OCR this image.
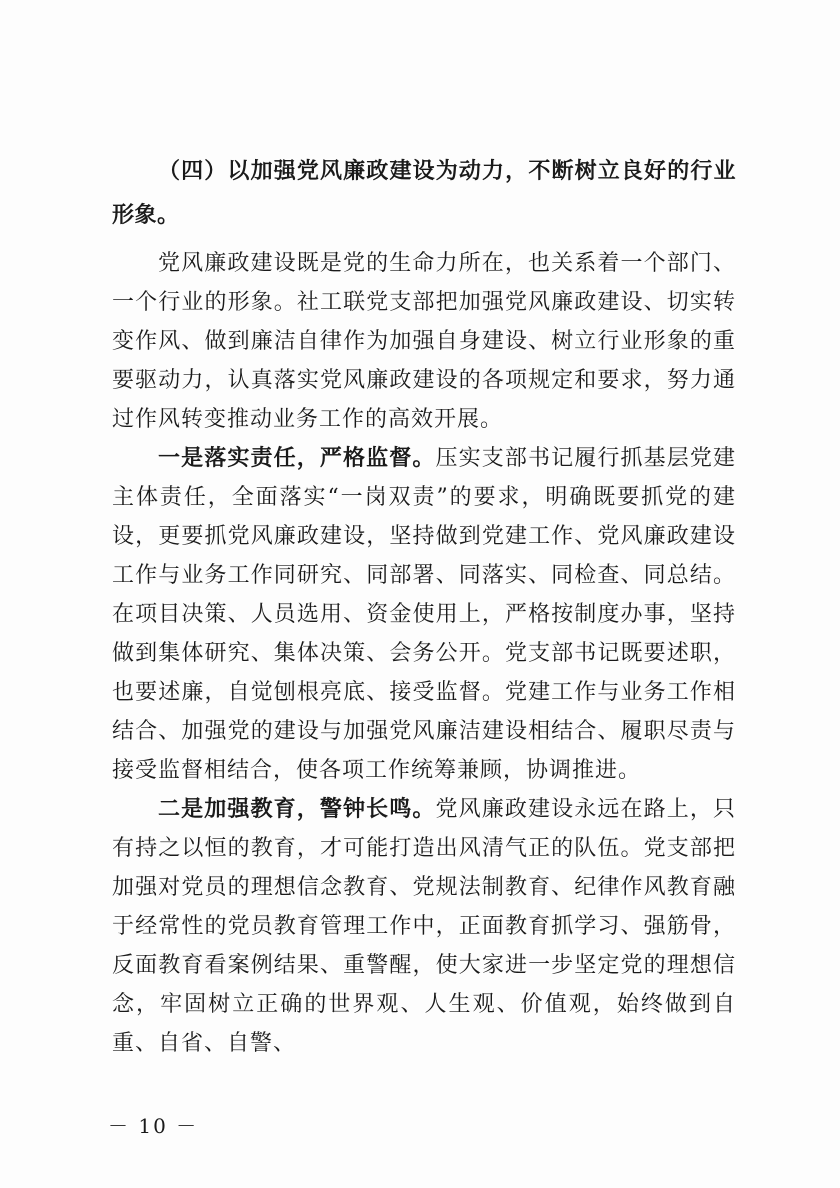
（四）以加强党风廉政建设为动力，不断树立良好的行业形象。

党风廉政建设既是党的生命力所在，也关系着一个部门、一个行业的形象。社工联党支部把加强党风廉政建设、切实转变作风、做到廉洁自律作为加强自身建设、树立行业形象的重要驱动力，认真落实党风廉政建设的各项规定和要求，努力通过作风转变推动业务工作的高效开展。

一是落实责任，严格监督。压实支部书记履行抓基层党建主体责任，全面落实“一岗双责”的要求，明确既要抓党的建设，更要抓党风廉政建设，坚持做到党建工作、党风廉政建设工作与业务工作同研究、同部署、同落实、同检查、同总结。在项目决策、人员选用、资金使用上，严格按制度办事，坚持做到集体研究、集体决策、会务公开。党支部书记既要述职，也要述廉，自觉刨根亮底、接受监督。党建工作与业务工作相结合、加强党的建设与加强党风廉洁建设相结合、履职尽责与接受监督相结合，使各项工作统筹兼顾，协调推进。

二是加强教育，警钟长鸣。党风廉政建设永远在路上，只有持之以恒的教育，才可能打造出风清气正的队伍。党支部把加强对党员的理想信念教育、党规法制教育、纪律作风教育融于经常性的党员教育管理工作中，正面教育抓学习、强筋骨，反面教育看案例结果、重警醒，使大家进一步坚定党的理想信念，牢固树立正确的世界观、人生观、价值观，始终做到自重、自省、自警、

－ 10 －
